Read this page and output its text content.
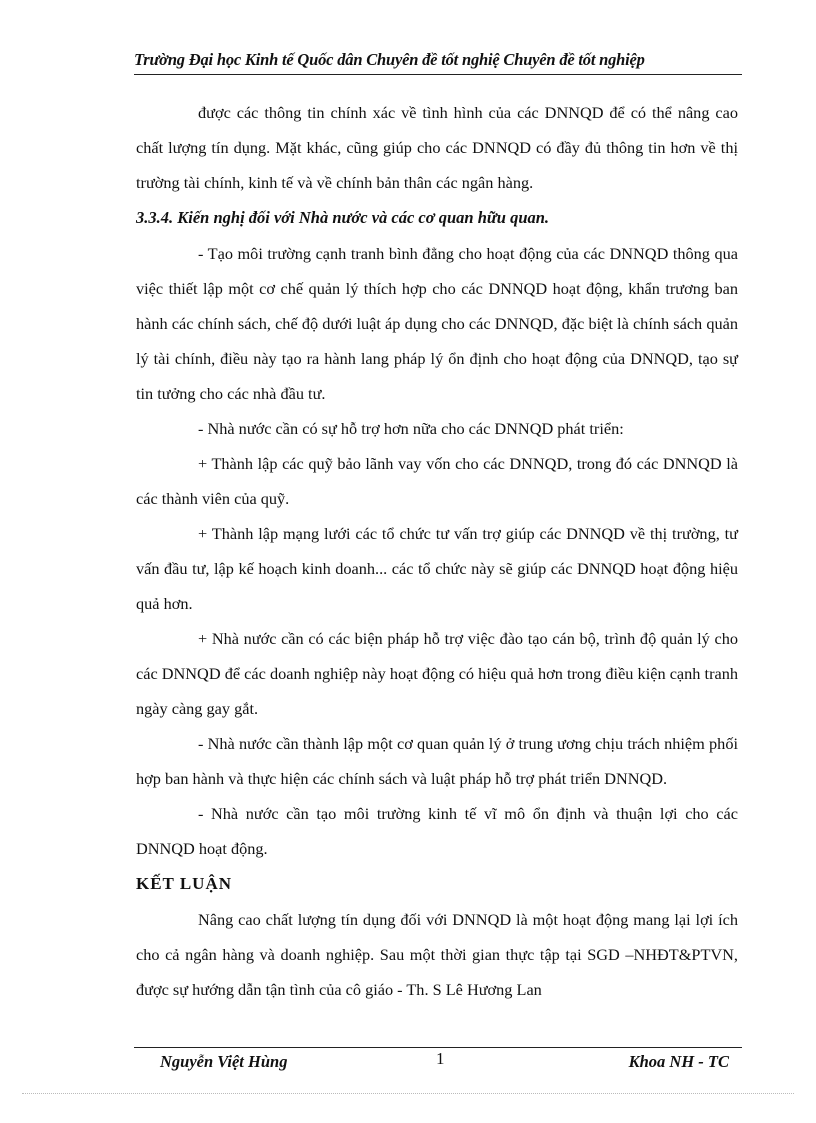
Trường Đại học Kinh tế Quốc dân Chuyên đề tốt nghiệ Chuyên đề tốt nghiệp

được các thông tin chính xác về tình hình của các DNNQD để có thể nâng cao chất lượng tín dụng. Mặt khác, cũng giúp cho các DNNQD có đầy đủ thông tin hơn về thị trường tài chính, kinh tế và về chính bản thân các ngân hàng.

3.3.4. Kiến nghị đối với Nhà nước và các cơ quan hữu quan.

- Tạo môi trường cạnh tranh bình đẳng cho hoạt động của các DNNQD thông qua việc thiết lập một cơ chế quản lý thích hợp cho các DNNQD hoạt động, khẩn trương ban hành các chính sách, chế độ dưới luật áp dụng cho các DNNQD, đặc biệt là chính sách quản lý tài chính, điều này tạo ra hành lang pháp lý ổn định cho hoạt động của DNNQD, tạo sự tin tưởng cho các nhà đầu tư.

- Nhà nước cần có sự hỗ trợ hơn nữa cho các DNNQD phát triển:

+ Thành lập các quỹ bảo lãnh vay vốn cho các DNNQD, trong đó các DNNQD là các thành viên của quỹ.

+ Thành lập mạng lưới các tổ chức tư vấn trợ giúp các DNNQD về thị trường, tư vấn đầu tư, lập kế hoạch kinh doanh... các tổ chức này sẽ giúp các DNNQD hoạt động hiệu quả hơn.

+ Nhà nước cần có các biện pháp hỗ trợ việc đào tạo cán bộ, trình độ quản lý cho các DNNQD để các doanh nghiệp này hoạt động có hiệu quả hơn trong điều kiện cạnh tranh ngày càng gay gắt.

- Nhà nước cần thành lập một cơ quan quản lý ở trung ương chịu trách nhiệm phối hợp ban hành và thực hiện các chính sách và luật pháp hỗ trợ phát triển DNNQD.

- Nhà nước cần tạo môi trường kinh tế vĩ mô ổn định và thuận lợi cho các DNNQD hoạt động.

KẾT LUẬN

Nâng cao chất lượng tín dụng đối với DNNQD là một hoạt động mang lại lợi ích cho cả ngân hàng và doanh nghiệp. Sau một thời gian thực tập tại SGD –NHĐT&PTVN, được sự hướng dẫn tận tình của cô giáo - Th. S Lê Hương Lan

Nguyễn Việt Hùng	1	Khoa NH - TC
